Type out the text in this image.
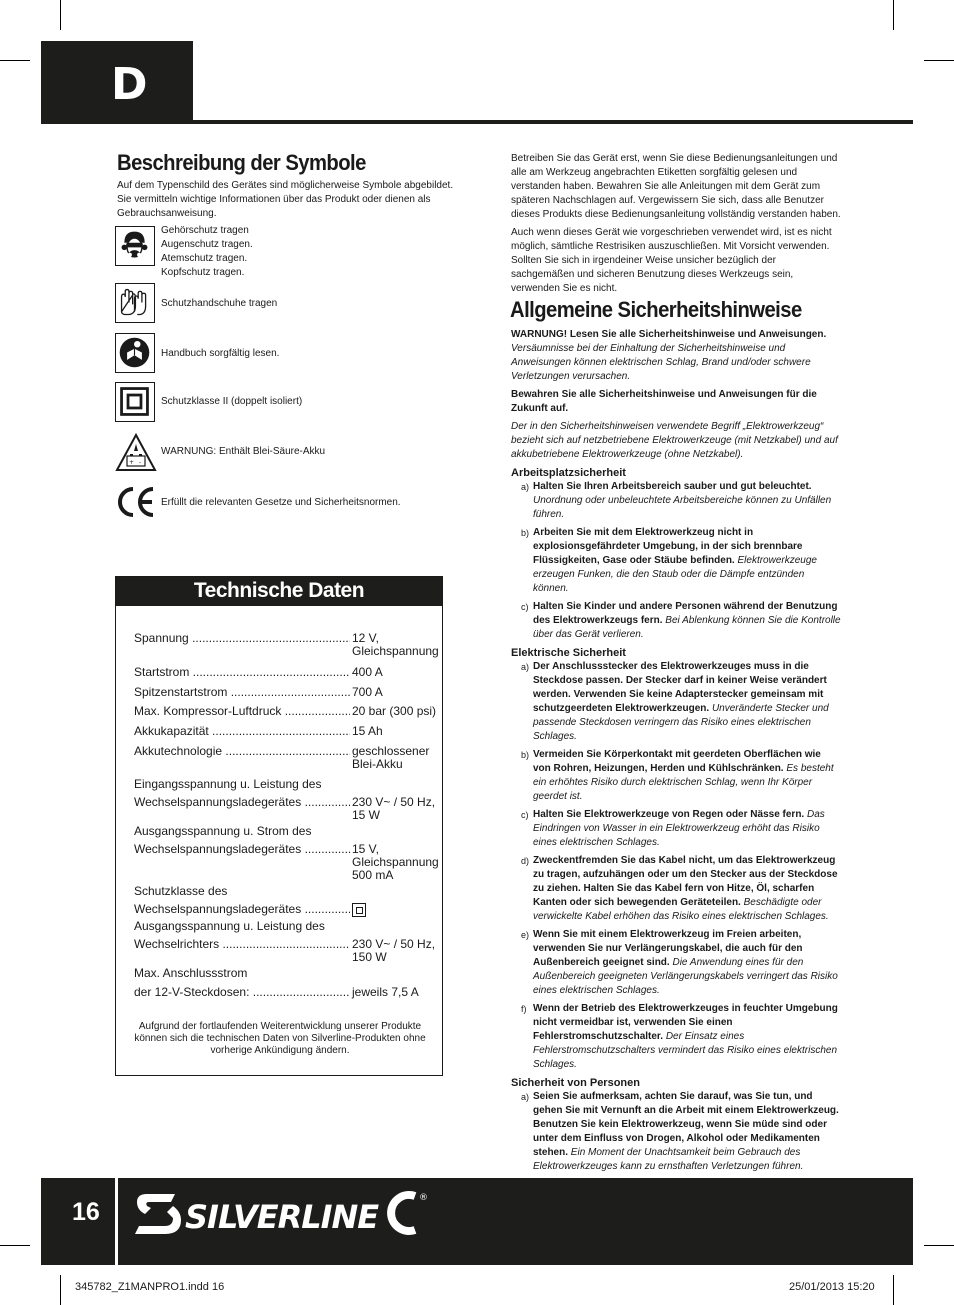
D
Beschreibung der Symbole
Auf dem Typenschild des Gerätes sind möglicherweise Symbole abgebildet. Sie vermitteln wichtige Informationen über das Produkt oder dienen als Gebrauchsanweisung.
Gehörschutz tragen
Augenschutz tragen.
Atemschutz tragen.
Kopfschutz tragen.
Schutzhandschuhe tragen
Handbuch sorgfältig lesen.
Schutzklasse II (doppelt isoliert)
+ -
WARNUNG: Enthält Blei-Säure-Akku
Erfüllt die relevanten Gesetze und Sicherheitsnormen.
Technische Daten
Spannung .....	12 V,
Gleichspannung
Startstrom .....	400 A
Spitzenstartstrom .....	700 A
Max. Kompressor-Luftdruck .....	20 bar (300 psi)
Akkukapazität .....	15 Ah
Akkutechnologie .....	geschlossener
Blei-Akku
Eingangsspannung u. Leistung des
Wechselspannungsladegerätes .....	230 V~ / 50 Hz,
15 W
Ausgangsspannung u. Strom des
Wechselspannungsladegerätes .....	15 V,
Gleichspannung
500 mA
Schutzklasse des
Wechselspannungsladegerätes .....
Ausgangsspannung u. Leistung des
Wechselrichters .....	230 V~ / 50 Hz,
150 W
Max. Anschlussstrom
der 12-V-Steckdosen: .....	jeweils 7,5 A
Aufgrund der fortlaufenden Weiterentwicklung unserer Produkte können sich die technischen Daten von Silverline-Produkten ohne vorherige Ankündigung ändern.

Betreiben Sie das Gerät erst, wenn Sie diese Bedienungsanleitungen und alle am Werkzeug angebrachten Etiketten sorgfältig gelesen und verstanden haben. Bewahren Sie alle Anleitungen mit dem Gerät zum späteren Nachschlagen auf. Vergewissern Sie sich, dass alle Benutzer dieses Produkts diese Bedienungsanleitung vollständig verstanden haben.

Auch wenn dieses Gerät wie vorgeschrieben verwendet wird, ist es nicht möglich, sämtliche Restrisiken auszuschließen. Mit Vorsicht verwenden. Sollten Sie sich in irgendeiner Weise unsicher bezüglich der sachgemäßen und sicheren Benutzung dieses Werkzeugs sein, verwenden Sie es nicht.

Allgemeine Sicherheitshinweise
WARNUNG! Lesen Sie alle Sicherheitshinweise und Anweisungen.

Versäumnisse bei der Einhaltung der Sicherheitshinweise und Anweisungen können elektrischen Schlag, Brand und/oder schwere Verletzungen verursachen.

Bewahren Sie alle Sicherheitshinweise und Anweisungen für die Zukunft auf.

Der in den Sicherheitshinweisen verwendete Begriff „Elektrowerkzeug“ bezieht sich auf netzbetriebene Elektrowerkzeuge (mit Netzkabel) und auf akkubetriebene Elektrowerkzeuge (ohne Netzkabel).

Arbeitsplatzsicherheit

a) Halten Sie Ihren Arbeitsbereich sauber und gut beleuchtet. Unordnung oder unbeleuchtete Arbeitsbereiche können zu Unfällen führen.

b) Arbeiten Sie mit dem Elektrowerkzeug nicht in explosionsgefährdeter Umgebung, in der sich brennbare Flüssigkeiten, Gase oder Stäube befinden. Elektrowerkzeuge erzeugen Funken, die den Staub oder die Dämpfe entzünden können.

c) Halten Sie Kinder und andere Personen während der Benutzung des Elektrowerkzeugs fern. Bei Ablenkung können Sie die Kontrolle über das Gerät verlieren.

Elektrische Sicherheit

a) Der Anschlussstecker des Elektrowerkzeuges muss in die Steckdose passen. Der Stecker darf in keiner Weise verändert werden. Verwenden Sie keine Adapterstecker gemeinsam mit schutzgeerdeten Elektrowerkzeugen. Unveränderte Stecker und passende Steckdosen verringern das Risiko eines elektrischen Schlages.

b) Vermeiden Sie Körperkontakt mit geerdeten Oberflächen wie von Rohren, Heizungen, Herden und Kühlschränken. Es besteht ein erhöhtes Risiko durch elektrischen Schlag, wenn Ihr Körper geerdet ist.

c) Halten Sie Elektrowerkzeuge von Regen oder Nässe fern. Das Eindringen von Wasser in ein Elektrowerkzeug erhöht das Risiko eines elektrischen Schlages.

d) Zweckentfremden Sie das Kabel nicht, um das Elektrowerkzeug zu tragen, aufzuhängen oder um den Stecker aus der Steckdose zu ziehen. Halten Sie das Kabel fern von Hitze, Öl, scharfen Kanten oder sich bewegenden Geräteteilen. Beschädigte oder verwickelte Kabel erhöhen das Risiko eines elektrischen Schlages.

e) Wenn Sie mit einem Elektrowerkzeug im Freien arbeiten, verwenden Sie nur Verlängerungskabel, die auch für den Außenbereich geeignet sind. Die Anwendung eines für den Außenbereich geeigneten Verlängerungskabels verringert das Risiko eines elektrischen Schlages.

f) Wenn der Betrieb des Elektrowerkzeuges in feuchter Umgebung nicht vermeidbar ist, verwenden Sie einen Fehlerstromschutzschalter. Der Einsatz eines Fehlerstromschutzschalters vermindert das Risiko eines elektrischen Schlages.

Sicherheit von Personen

a) Seien Sie aufmerksam, achten Sie darauf, was Sie tun, und gehen Sie mit Vernunft an die Arbeit mit einem Elektrowerkzeug. Benutzen Sie kein Elektrowerkzeug, wenn Sie müde sind oder unter dem Einfluss von Drogen, Alkohol oder Medikamenten stehen. Ein Moment der Unachtsamkeit beim Gebrauch des Elektrowerkzeuges kann zu ernsthaften Verletzungen führen.

16	SILVERLINE	®
345782_Z1MANPRO1.indd 16	25/01/2013 15:20
